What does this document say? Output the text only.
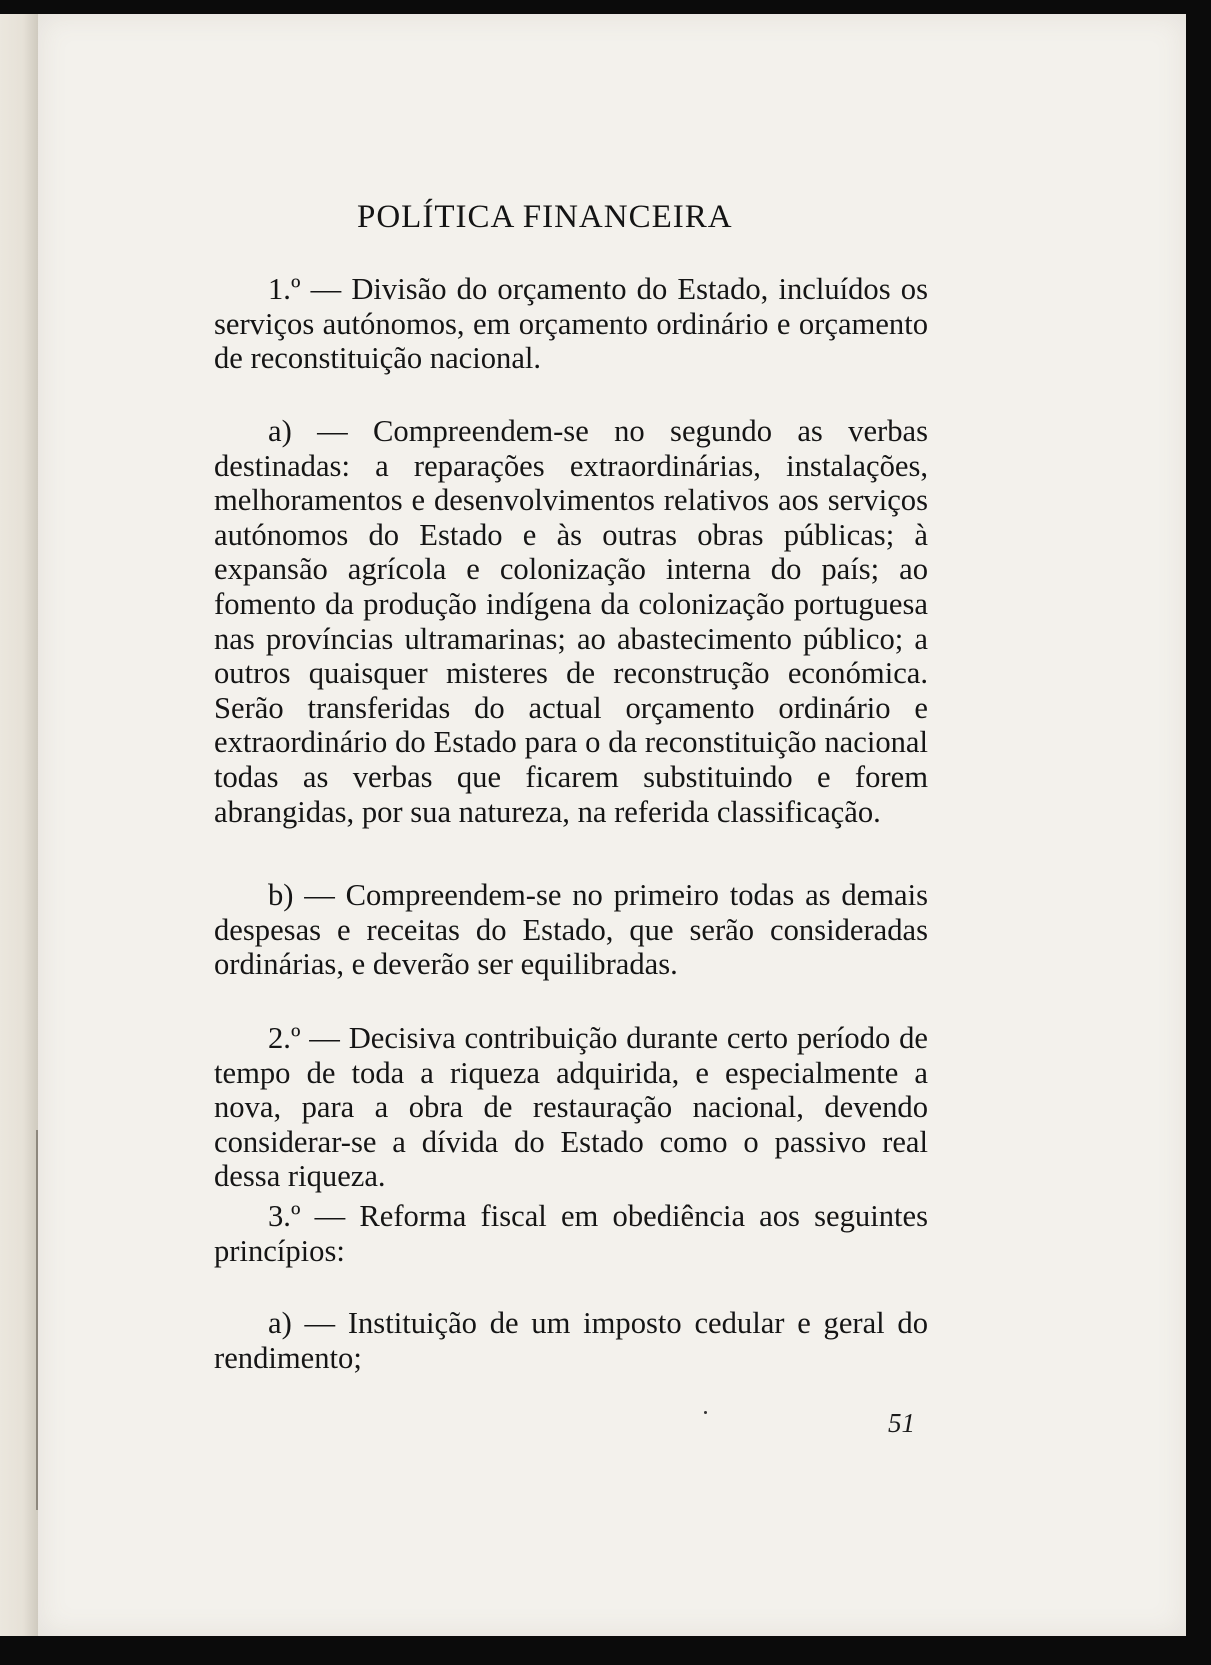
POLÍTICA FINANCEIRA

1.º — Divisão do orçamento do Estado, incluídos os serviços autónomos, em orçamento ordinário e orçamento de reconstituição nacional.

a) — Compreendem-se no segundo as verbas destinadas: a reparações extraordinárias, instalações, melhoramentos e desenvolvimentos relativos aos serviços autónomos do Estado e às outras obras públicas; à expansão agrícola e colonização interna do país; ao fomento da produção indígena da colonização portuguesa nas províncias ultramarinas; ao abastecimento público; a outros quaisquer misteres de reconstrução económica. Serão transferidas do actual orçamento ordinário e extraordinário do Estado para o da reconstituição nacional todas as verbas que ficarem substituindo e forem abrangidas, por sua natureza, na referida classificação.

b) — Compreendem-se no primeiro todas as demais despesas e receitas do Estado, que serão consideradas ordinárias, e deverão ser equilibradas.

2.º — Decisiva contribuição durante certo período de tempo de toda a riqueza adquirida, e especialmente a nova, para a obra de restauração nacional, devendo considerar-se a dívida do Estado como o passivo real dessa riqueza.

3.º — Reforma fiscal em obediência aos seguintes princípios:

a) — Instituição de um imposto cedular e geral do rendimento;

51
